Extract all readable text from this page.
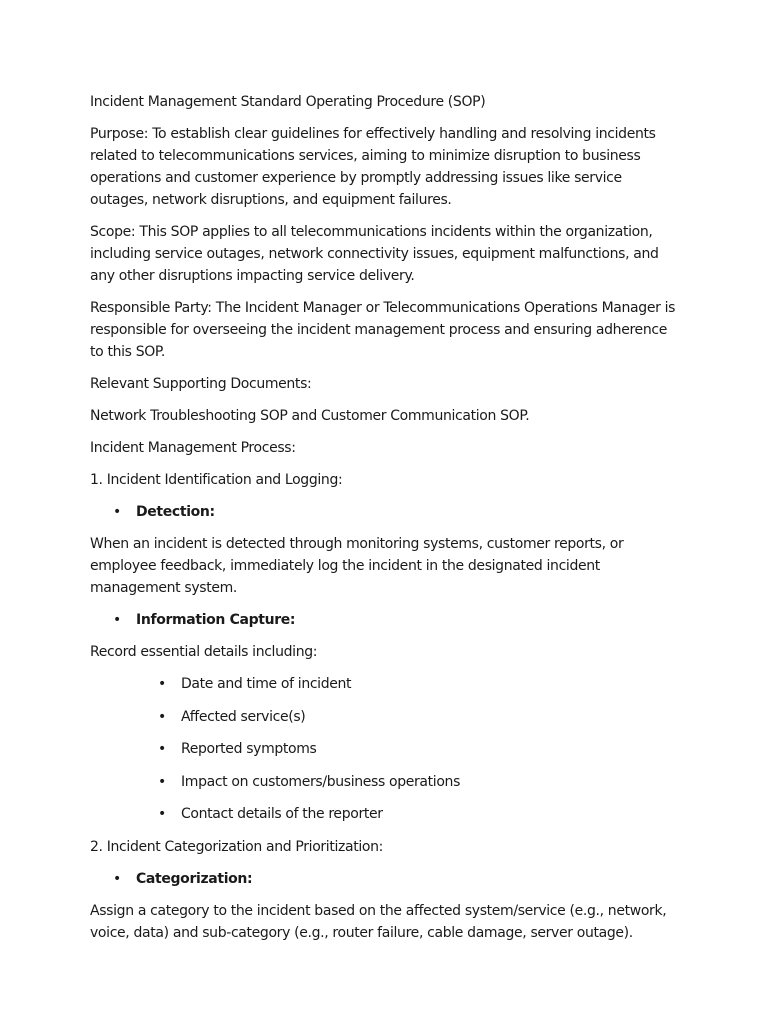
Incident Management Standard Operating Procedure (SOP)

Purpose: To establish clear guidelines for effectively handling and resolving incidents related to telecommunications services, aiming to minimize disruption to business operations and customer experience by promptly addressing issues like service outages, network disruptions, and equipment failures.

Scope: This SOP applies to all telecommunications incidents within the organization, including service outages, network connectivity issues, equipment malfunctions, and any other disruptions impacting service delivery.

Responsible Party: The Incident Manager or Telecommunications Operations Manager is responsible for overseeing the incident management process and ensuring adherence to this SOP.

Relevant Supporting Documents:

Network Troubleshooting SOP and Customer Communication SOP.

Incident Management Process:

1. Incident Identification and Logging:

• Detection:

When an incident is detected through monitoring systems, customer reports, or employee feedback, immediately log the incident in the designated incident management system.

• Information Capture:

Record essential details including:

• Date and time of incident
• Affected service(s)
• Reported symptoms
• Impact on customers/business operations
• Contact details of the reporter

2. Incident Categorization and Prioritization:

• Categorization:

Assign a category to the incident based on the affected system/service (e.g., network, voice, data) and sub-category (e.g., router failure, cable damage, server outage).
